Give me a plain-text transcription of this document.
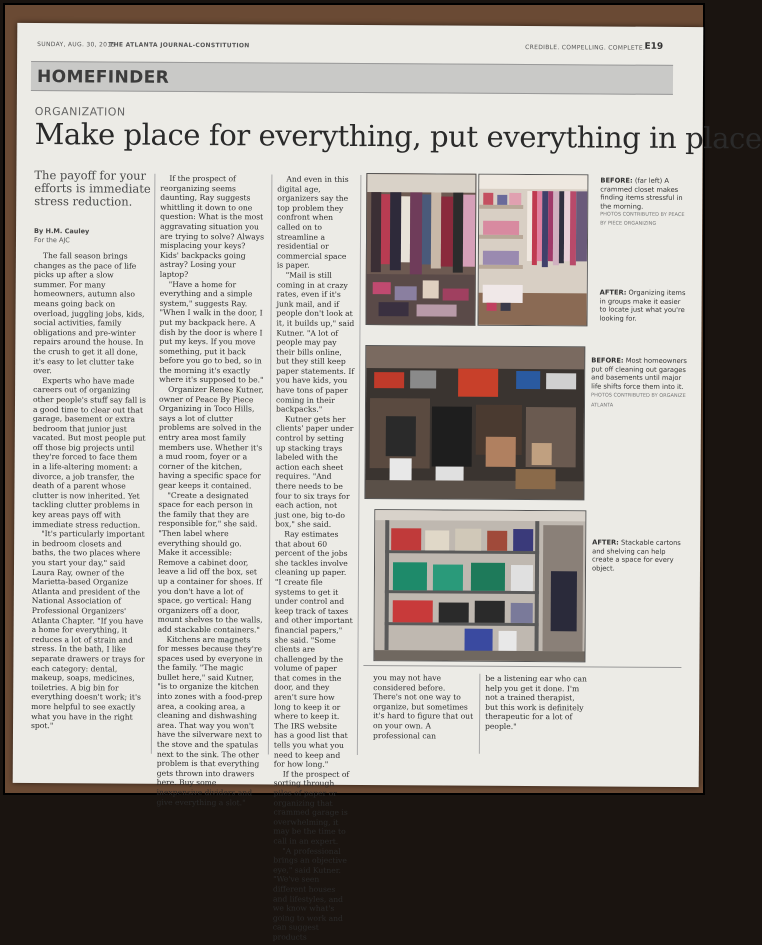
SUNDAY, AUG. 30, 2015
THE ATLANTA JOURNAL-CONSTITUTION	CREDIBLE. COMPELLING. COMPLETE. E19
HOMEFINDER
ORGANIZATION
Make place for everything, put everything in place
The payoff for your efforts is immediate stress reduction.
By H.M. Cauley
For the AJC

The fall season brings changes as the pace of life picks up after a slow summer. For many homeowners, autumn also means going back on overload, juggling jobs, kids, social activities, family obligations and pre-winter repairs around the house. In the crush to get it all done, it's easy to let clutter take over.

Experts who have made careers out of organizing other people's stuff say fall is a good time to clear out that garage, basement or extra bedroom that junior just vacated. But most people put off those big projects until they're forced to face them in a life-altering moment: a divorce, a job transfer, the death of a parent whose clutter is now inherited. Yet tackling clutter problems in key areas pays off with immediate stress reduction.

"It's particularly important in bedroom closets and baths, the two places where you start your day," said Laura Ray, owner of the Marietta-based Organize Atlanta and president of the National Association of Professional Organizers' Atlanta Chapter. "If you have a home for everything, it reduces a lot of strain and stress. In the bath, I like separate drawers or trays for each category: dental, makeup, soaps, medicines, toiletries. A big bin for everything doesn't work; it's more helpful to see exactly what you have in the right spot."

If the prospect of reorganizing seems daunting, Ray suggests whittling it down to one question: What is the most aggravating situation you are trying to solve? Always misplacing your keys? Kids' backpacks going astray? Losing your laptop?

"Have a home for everything and a simple system," suggests Ray. "When I walk in the door, I put my backpack here. A dish by the door is where I put my keys. If you move something, put it back before you go to bed, so in the morning it's exactly where it's supposed to be."

Organizer Renee Kutner, owner of Peace By Piece Organizing in Toco Hills, says a lot of clutter problems are solved in the entry area most family members use. Whether it's a mud room, foyer or a corner of the kitchen, having a specific space for gear keeps it contained.

"Create a designated space for each person in the family that they are responsible for," she said. "Then label where everything should go. Make it accessible: Remove a cabinet door, leave a lid off the box, set up a container for shoes. If you don't have a lot of space, go vertical: Hang organizers off a door, mount shelves to the walls, add stackable containers."

Kitchens are magnets for messes because they're spaces used by everyone in the family. "The magic bullet here," said Kutner, "is to organize the kitchen into zones with a food-prep area, a cooking area, a cleaning and dishwashing area. That way you won't have the silverware next to the stove and the spatulas next to the sink. The other problem is that everything gets thrown into drawers here. Buy some inexpensive dividers and give everything a slot."

And even in this digital age, organizers say the top problem they confront when called on to streamline a residential or commercial space is paper.

"Mail is still coming in at crazy rates, even if it's junk mail, and if people don't look at it, it builds up," said Kutner. "A lot of people may pay their bills online, but they still keep paper statements. If you have kids, you have tons of paper coming in their backpacks."

Kutner gets her clients' paper under control by setting up stacking trays labeled with the action each sheet requires. "And there needs to be four to six trays for each action, not just one, big to-do box," she said.

Ray estimates that about 60 percent of the jobs she tackles involve cleaning up paper. "I create file systems to get it under control and keep track of taxes and other important financial papers," she said. "Some clients are challenged by the volume of paper that comes in the door, and they aren't sure how long to keep it or where to keep it. The IRS website has a good list that tells you what you need to keep and for how long."

If the prospect of sorting through piles of paper or organizing that crammed garage is overwhelming, it may be the time to call in an expert.

"A professional brings an objective eye," said Kutner. "We've seen different houses and lifestyles, and we know what's going to work and can suggest products

BEFORE: (far left) A crammed closet makes finding items stressful in the morning.
PHOTOS CONTRIBUTED BY PEACE BY PIECE ORGANIZING
AFTER: Organizing items in groups make it easier to locate just what you're looking for.
BEFORE: Most homeowners put off cleaning out garages and basements until major life shifts force them into it. PHOTOS CONTRIBUTED BY ORGANIZE ATLANTA
AFTER: Stackable cartons and shelving can help create a space for every object.

you may not have considered before. There's not one way to organize, but sometimes it's hard to figure that out on your own. A professional can

be a listening ear who can help you get it done. I'm not a trained therapist, but this work is definitely therapeutic for a lot of people."
